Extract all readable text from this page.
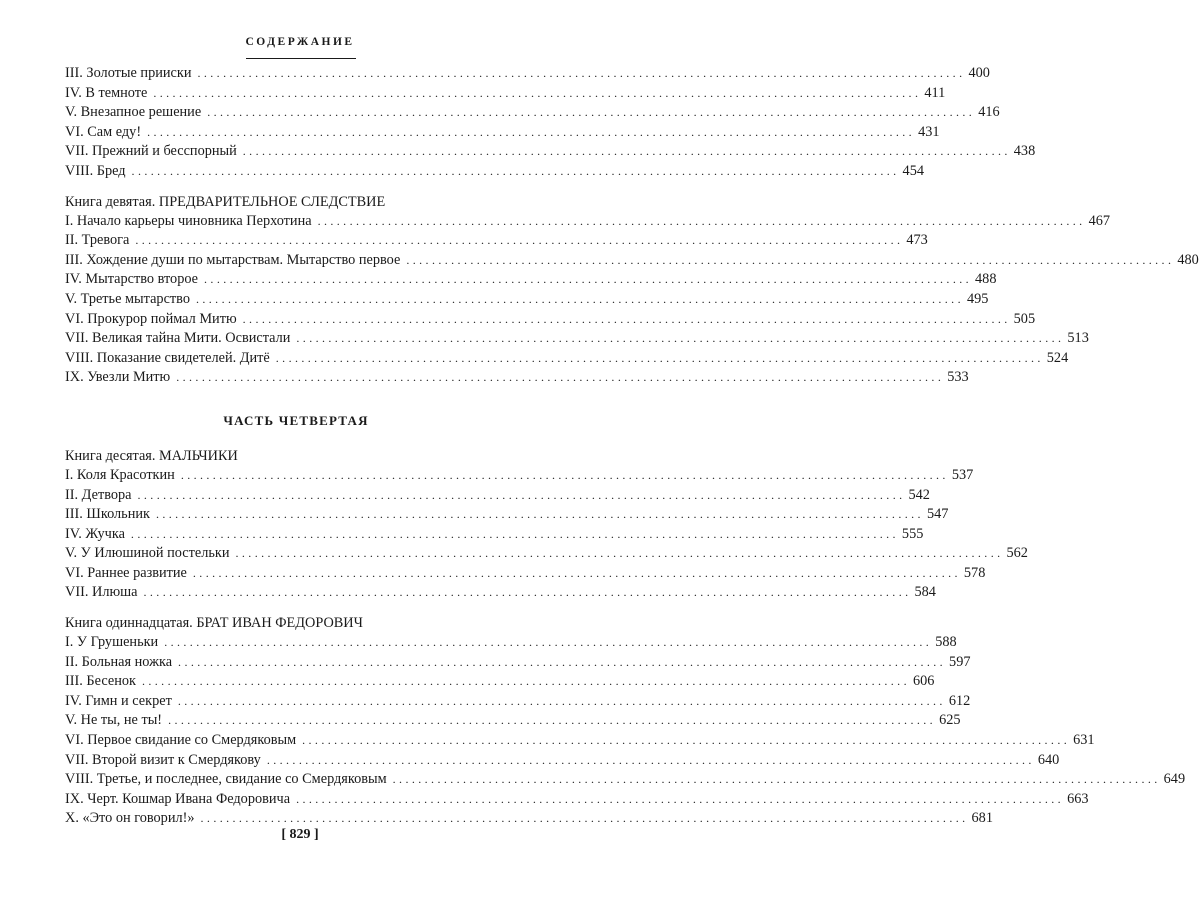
СОДЕРЖАНИЕ
III. Золотые прииски ........................................................................................................................ 400
IV. В темноте ........................................................................................................................ 411
V. Внезапное решение ........................................................................................................................ 416
VI. Сам еду! ........................................................................................................................ 431
VII. Прежний и бесспорный ........................................................................................................................ 438
VIII. Бред ........................................................................................................................ 454
Книга девятая. ПРЕДВАРИТЕЛЬНОЕ СЛЕДСТВИЕ
I. Начало карьеры чиновника Перхотина ........................................................................................................................ 467
II. Тревога ........................................................................................................................ 473
III. Хождение души по мытарствам. Мытарство первое ........................................................................................................................ 480
IV. Мытарство второе ........................................................................................................................ 488
V. Третье мытарство ........................................................................................................................ 495
VI. Прокурор поймал Митю ........................................................................................................................ 505
VII. Великая тайна Мити. Освистали ........................................................................................................................ 513
VIII. Показание свидетелей. Дитё ........................................................................................................................ 524
IX. Увезли Митю ........................................................................................................................ 533
ЧАСТЬ ЧЕТВЕРТАЯ
Книга десятая. МАЛЬЧИКИ
I. Коля Красоткин ........................................................................................................................ 537
II. Детвора ........................................................................................................................ 542
III. Школьник ........................................................................................................................ 547
IV. Жучка ........................................................................................................................ 555
V. У Илюшиной постельки ........................................................................................................................ 562
VI. Раннее развитие ........................................................................................................................ 578
VII. Илюша ........................................................................................................................ 584
Книга одиннадцатая. БРАТ ИВАН ФЕДОРОВИЧ
I. У Грушеньки ........................................................................................................................ 588
II. Больная ножка ........................................................................................................................ 597
III. Бесенок ........................................................................................................................ 606
IV. Гимн и секрет ........................................................................................................................ 612
V. Не ты, не ты! ........................................................................................................................ 625
VI. Первое свидание со Смердяковым ........................................................................................................................ 631
VII. Второй визит к Смердякову ........................................................................................................................ 640
VIII. Третье, и последнее, свидание со Смердяковым ........................................................................................................................ 649
IX. Черт. Кошмар Ивана Федоровича ........................................................................................................................ 663
X. «Это он говорил!» ........................................................................................................................ 681
[ 829 ]
